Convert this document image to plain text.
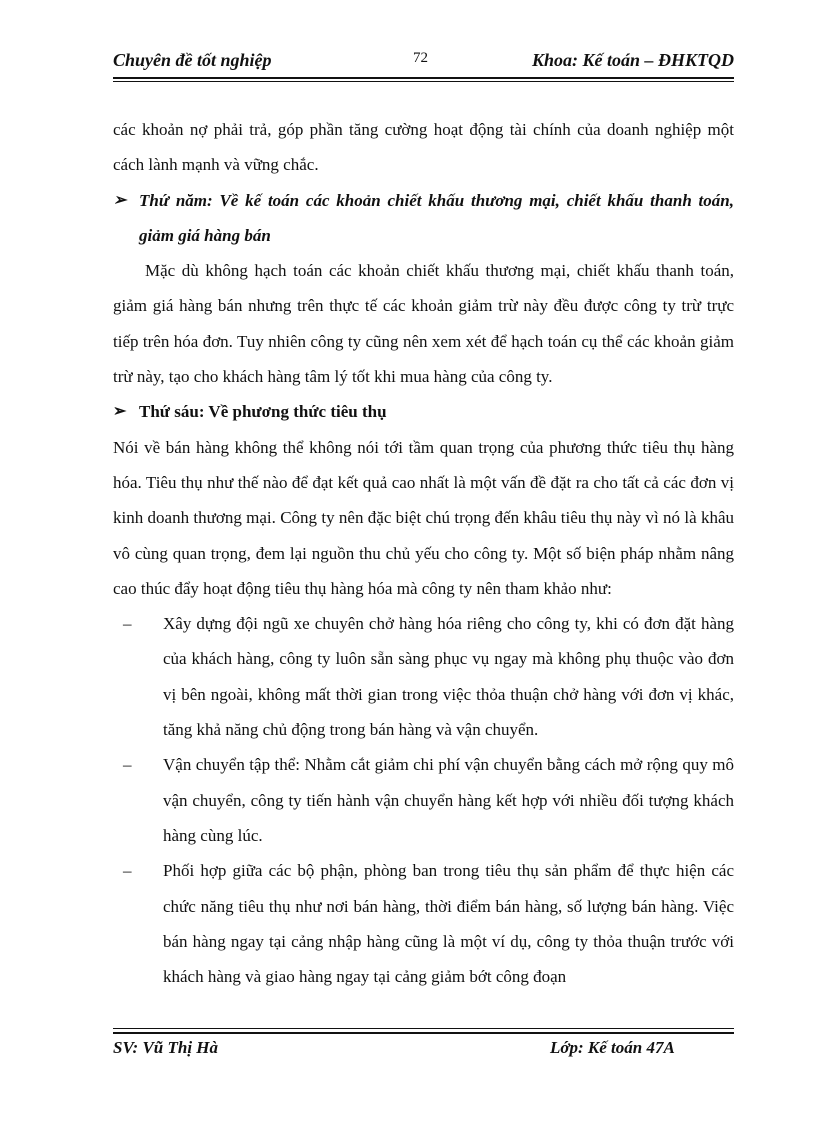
Chuyên đề tốt nghiệp	72	Khoa: Kế toán – ĐHKTQD

các khoản nợ phải trả, góp phần tăng cường hoạt động tài chính của doanh nghiệp một cách lành mạnh và vững chắc.

➢ Thứ năm: Về kế toán các khoản chiết khấu thương mại, chiết khấu thanh toán, giảm giá hàng bán

Mặc dù không hạch toán các khoản chiết khấu thương mại, chiết khấu thanh toán, giảm giá hàng bán nhưng trên thực tế các khoản giảm trừ này đều được công ty trừ trực tiếp trên hóa đơn. Tuy nhiên công ty cũng nên xem xét để hạch toán cụ thể các khoản giảm trừ này, tạo cho khách hàng tâm lý tốt khi mua hàng của công ty.

➢ Thứ sáu: Về phương thức tiêu thụ

Nói về bán hàng không thể không nói tới tầm quan trọng của phương thức tiêu thụ hàng hóa. Tiêu thụ như thế nào để đạt kết quả cao nhất là một vấn đề đặt ra cho tất cả các đơn vị kinh doanh thương mại. Công ty nên đặc biệt chú trọng đến khâu tiêu thụ này vì nó là khâu vô cùng quan trọng, đem lại nguồn thu chủ yếu cho công ty. Một số biện pháp nhằm nâng cao thúc đẩy hoạt động tiêu thụ hàng hóa mà công ty nên tham khảo như:

– Xây dựng đội ngũ xe chuyên chở hàng hóa riêng cho công ty, khi có đơn đặt hàng của khách hàng, công ty luôn sẵn sàng phục vụ ngay mà không phụ thuộc vào đơn vị bên ngoài, không mất thời gian trong việc thỏa thuận chở hàng với đơn vị khác, tăng khả năng chủ động trong bán hàng và vận chuyển.

– Vận chuyển tập thể: Nhằm cắt giảm chi phí vận chuyển bằng cách mở rộng quy mô vận chuyển, công ty tiến hành vận chuyển hàng kết hợp với nhiều đối tượng khách hàng cùng lúc.

– Phối hợp giữa các bộ phận, phòng ban trong tiêu thụ sản phẩm để thực hiện các chức năng tiêu thụ như nơi bán hàng, thời điểm bán hàng, số lượng bán hàng. Việc bán hàng ngay tại cảng nhập hàng cũng là một ví dụ, công ty thỏa thuận trước với khách hàng và giao hàng ngay tại cảng giảm bớt công đoạn

SV: Vũ Thị Hà	Lớp: Kế toán 47A
